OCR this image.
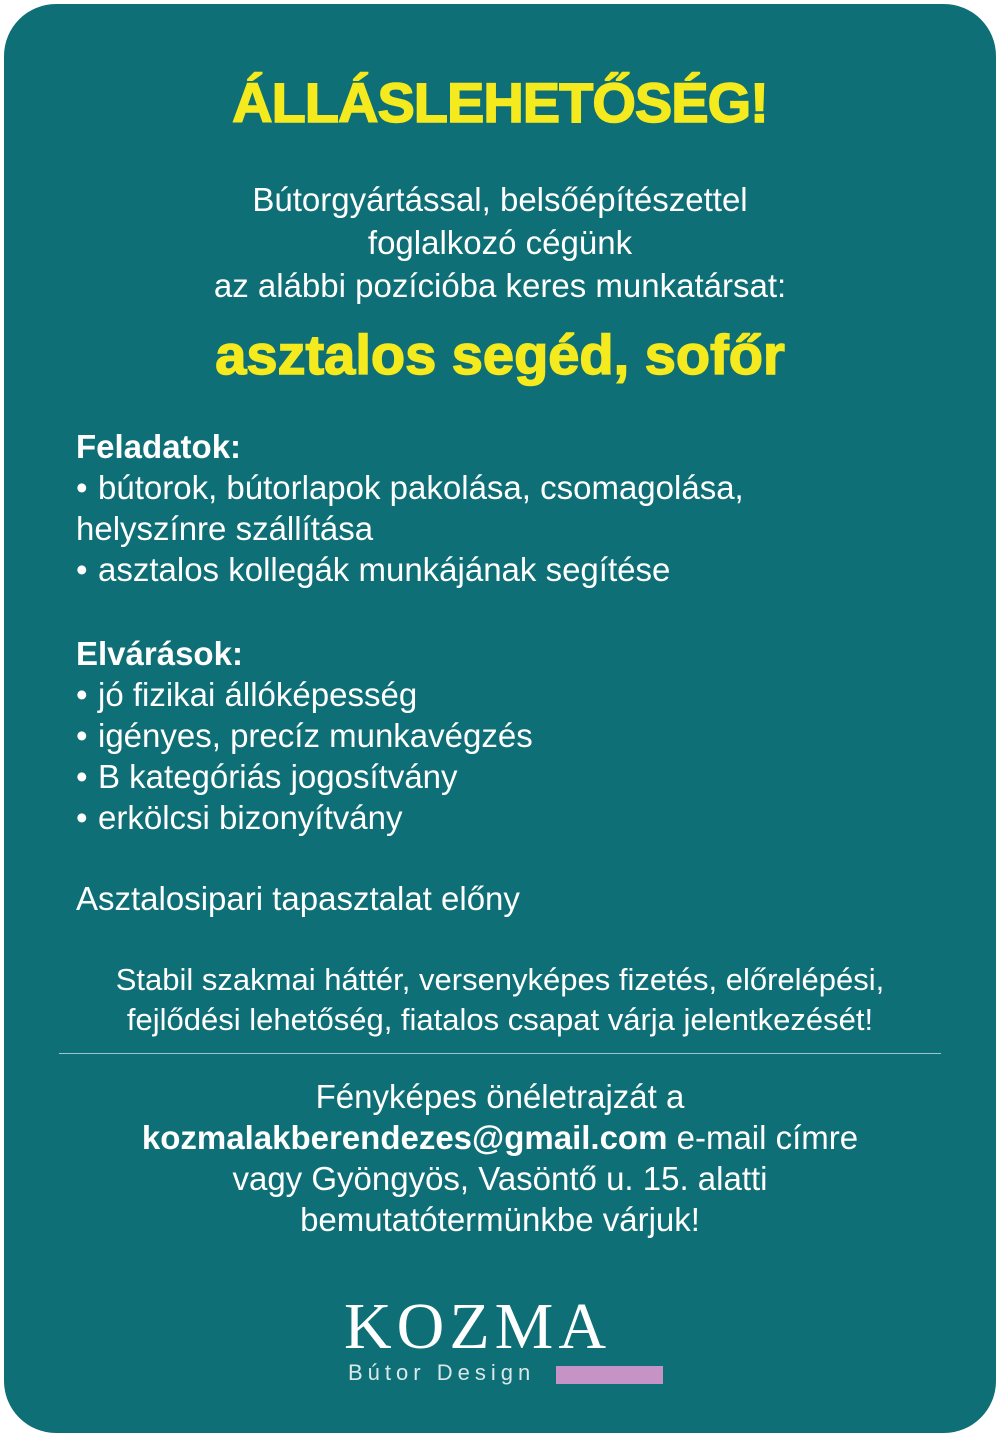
ÁLLÁSLEHETŐSÉG!
Bútorgyártással, belsőépítészettel
foglalkozó cégünk
az alábbi pozícióba keres munkatársat:
asztalos segéd, sofőr
Feladatok:
• bútorok, bútorlapok pakolása, csomagolása,
helyszínre szállítása
• asztalos kollegák munkájának segítése
Elvárások:
• jó fizikai állóképesség
• igényes, precíz munkavégzés
• B kategóriás jogosítvány
• erkölcsi bizonyítvány

Asztalosipari tapasztalat előny

Stabil szakmai háttér, versenyképes fizetés, előrelépési,
fejlődési lehetőség, fiatalos csapat várja jelentkezését!
Fényképes önéletrajzát a
kozmalakberendezes@gmail.com e-mail címre
vagy Gyöngyös, Vasöntő u. 15. alatti
bemutatótermünkbe várjuk!
KOZMA
Bútor Design
